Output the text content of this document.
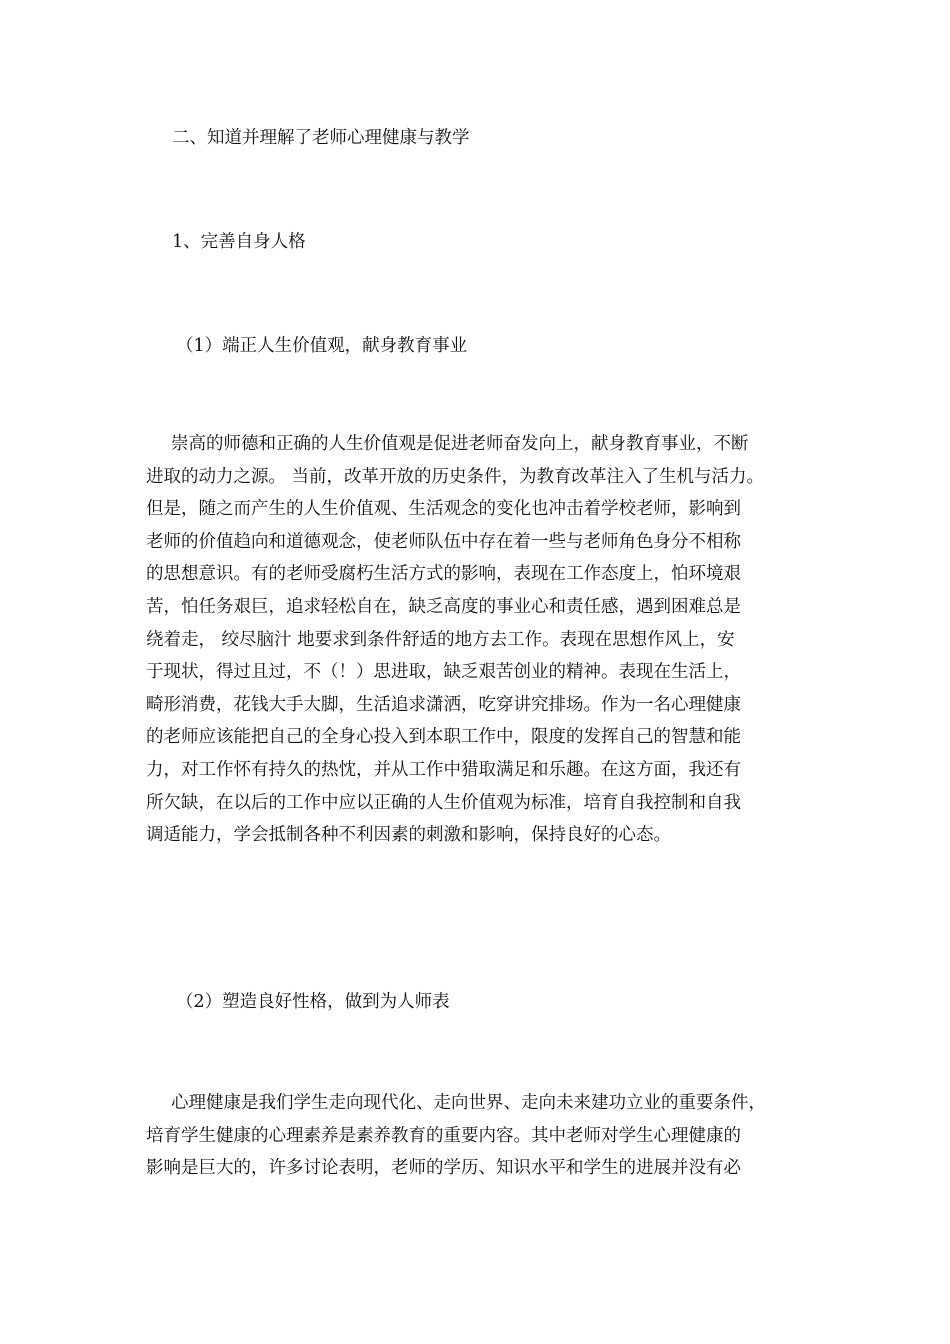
二、知道并理解了老师心理健康与教学
1、完善自身人格
（1）端正人生价值观，献身教育事业

崇高的师德和正确的人生价值观是促进老师奋发向上，献身教育事业，不断
进取的动力之源。 当前，改革开放的历史条件，为教育改革注入了生机与活力。
但是，随之而产生的人生价值观、生活观念的变化也冲击着学校老师，影响到
老师的价值趋向和道德观念，使老师队伍中存在着一些与老师角色身分不相称
的思想意识。有的老师受腐朽生活方式的影响，表现在工作态度上，怕环境艰
苦，怕任务艰巨，追求轻松自在，缺乏高度的事业心和责任感，遇到困难总是
绕着走， 绞尽脑汁 地要求到条件舒适的地方去工作。表现在思想作风上，安
于现状，得过且过，不（！）思进取，缺乏艰苦创业的精神。表现在生活上，
畸形消费，花钱大手大脚，生活追求潇洒，吃穿讲究排场。作为一名心理健康
的老师应该能把自己的全身心投入到本职工作中，限度的发挥自己的智慧和能
力，对工作怀有持久的热忱，并从工作中猎取满足和乐趣。在这方面，我还有
所欠缺，在以后的工作中应以正确的人生价值观为标准，培育自我控制和自我
调适能力，学会抵制各种不利因素的刺激和影响，保持良好的心态。

（2）塑造良好性格，做到为人师表

心理健康是我们学生走向现代化、走向世界、走向未来建功立业的重要条件，
培育学生健康的心理素养是素养教育的重要内容。其中老师对学生心理健康的
影响是巨大的，许多讨论表明，老师的学历、知识水平和学生的进展并没有必
